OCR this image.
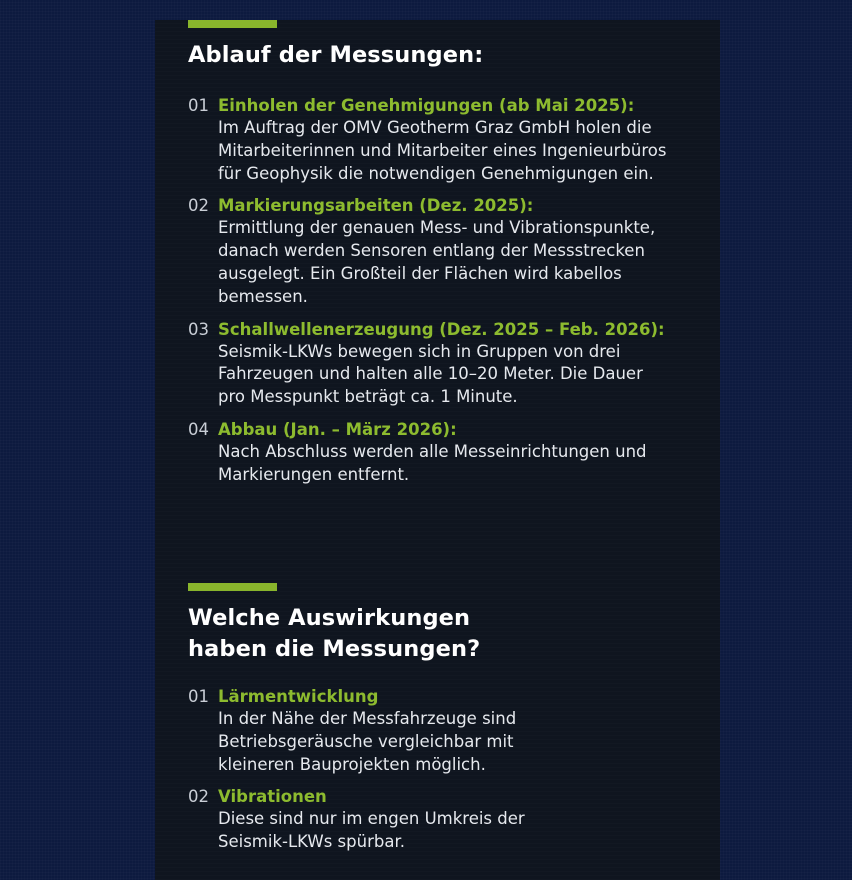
Ablauf der Messungen:
01 Einholen der Genehmigungen (ab Mai 2025):
Im Auftrag der OMV Geotherm Graz GmbH holen die
Mitarbeiterinnen und Mitarbeiter eines Ingenieurbüros
für Geophysik die notwendigen Genehmigungen ein.
02 Markierungsarbeiten (Dez. 2025):
Ermittlung der genauen Mess- und Vibrationspunkte,
danach werden Sensoren entlang der Messstrecken
ausgelegt. Ein Großteil der Flächen wird kabellos
bemessen.
03 Schallwellenerzeugung (Dez. 2025 – Feb. 2026):
Seismik-LKWs bewegen sich in Gruppen von drei
Fahrzeugen und halten alle 10–20 Meter. Die Dauer
pro Messpunkt beträgt ca. 1 Minute.
04 Abbau (Jan. – März 2026):
Nach Abschluss werden alle Messeinrichtungen und
Markierungen entfernt.
Welche Auswirkungen
haben die Messungen?
01 Lärmentwicklung
In der Nähe der Messfahrzeuge sind
Betriebsgeräusche vergleichbar mit
kleineren Bauprojekten möglich.
02 Vibrationen
Diese sind nur im engen Umkreis der
Seismik-LKWs spürbar.
